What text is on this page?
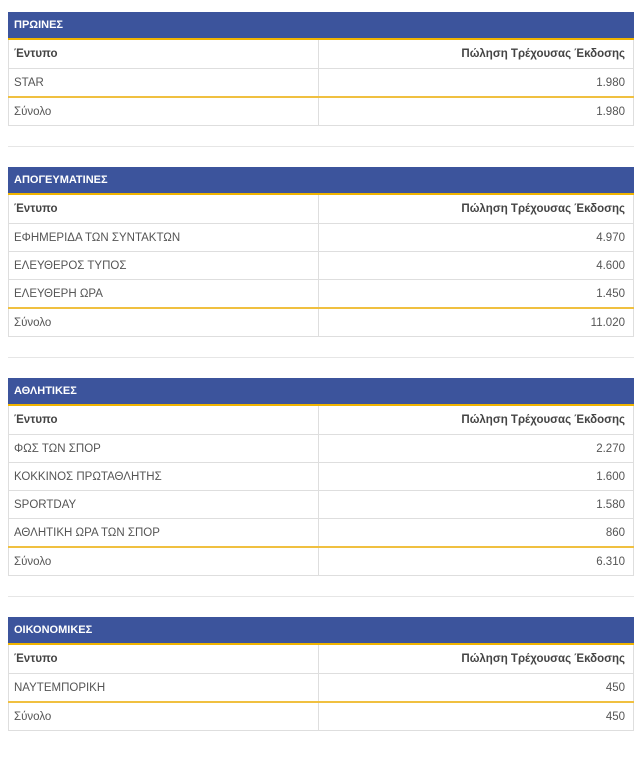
ΠΡΩΙΝΕΣ
Έντυπο	Πώληση Τρέχουσας Έκδοσης
STAR	1.980
Σύνολο	1.980
ΑΠΟΓΕΥΜΑΤΙΝΕΣ
Έντυπο	Πώληση Τρέχουσας Έκδοσης
ΕΦΗΜΕΡΙΔΑ ΤΩΝ ΣΥΝΤΑΚΤΩΝ	4.970
ΕΛΕΥΘΕΡΟΣ ΤΥΠΟΣ	4.600
ΕΛΕΥΘΕΡΗ ΩΡΑ	1.450
Σύνολο	11.020
ΑΘΛΗΤΙΚΕΣ
Έντυπο	Πώληση Τρέχουσας Έκδοσης
ΦΩΣ ΤΩΝ ΣΠΟΡ	2.270
ΚΟΚΚΙΝΟΣ ΠΡΩΤΑΘΛΗΤΗΣ	1.600
SPORTDAY	1.580
ΑΘΛΗΤΙΚΗ ΩΡΑ ΤΩΝ ΣΠΟΡ	860
Σύνολο	6.310
ΟΙΚΟΝΟΜΙΚΕΣ
Έντυπο	Πώληση Τρέχουσας Έκδοσης
ΝΑΥΤΕΜΠΟΡΙΚΗ	450
Σύνολο	450
